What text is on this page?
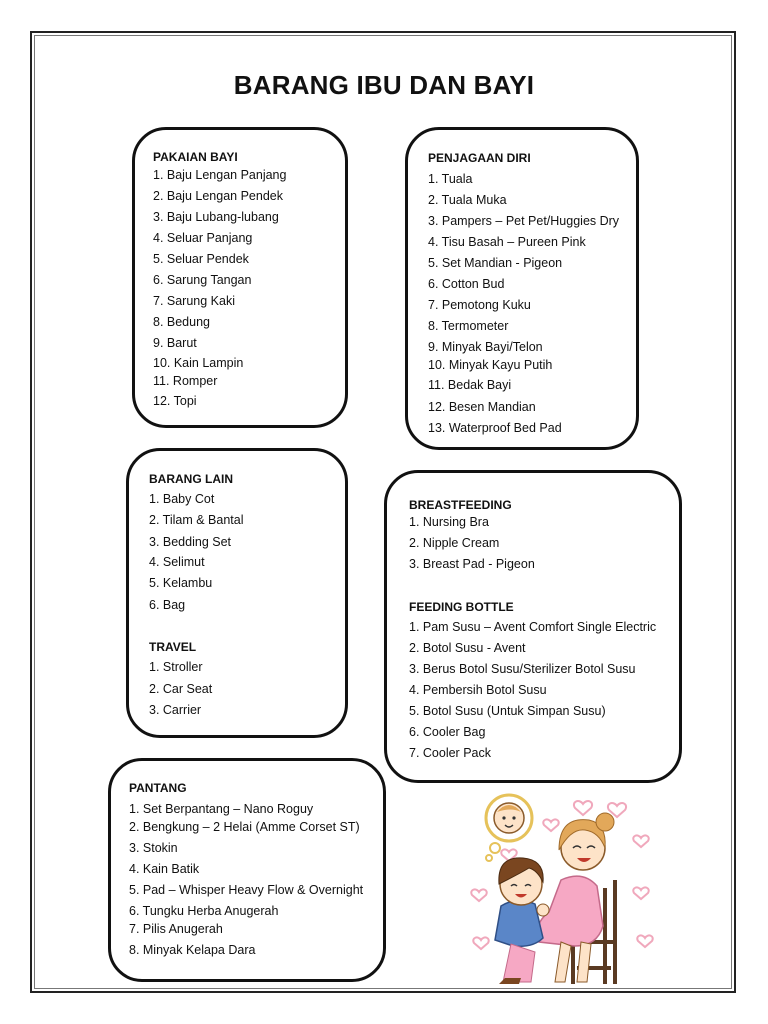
BARANG IBU DAN BAYI
PAKAIAN BAYI
1. Baju Lengan Panjang
2. Baju Lengan Pendek
3. Baju Lubang-lubang
4. Seluar Panjang
5. Seluar Pendek
6. Sarung Tangan
7. Sarung Kaki
8. Bedung
9. Barut
10. Kain Lampin
11. Romper
12. Topi
PENJAGAAN DIRI
1. Tuala
2. Tuala Muka
3. Pampers – Pet Pet/Huggies Dry
4. Tisu Basah – Pureen Pink
5. Set Mandian - Pigeon
6. Cotton Bud
7. Pemotong Kuku
8. Termometer
9. Minyak Bayi/Telon
10. Minyak Kayu Putih
11. Bedak Bayi
12. Besen Mandian
13. Waterproof Bed Pad
BARANG LAIN
1. Baby Cot
2. Tilam & Bantal
3. Bedding Set
4. Selimut
5. Kelambu
6. Bag
TRAVEL
1. Stroller
2. Car Seat
3. Carrier
BREASTFEEDING
1. Nursing Bra
2. Nipple Cream
3. Breast Pad - Pigeon
FEEDING BOTTLE
1. Pam Susu – Avent Comfort Single Electric
2. Botol Susu - Avent
3. Berus Botol Susu/Sterilizer Botol Susu
4. Pembersih Botol Susu
5. Botol Susu (Untuk Simpan Susu)
6. Cooler Bag
7. Cooler Pack
PANTANG
1. Set Berpantang – Nano Roguy
2. Bengkung – 2 Helai (Amme Corset ST)
3. Stokin
4. Kain Batik
5. Pad – Whisper Heavy Flow & Overnight
6. Tungku Herba Anugerah
7. Pilis Anugerah
8. Minyak Kelapa Dara
